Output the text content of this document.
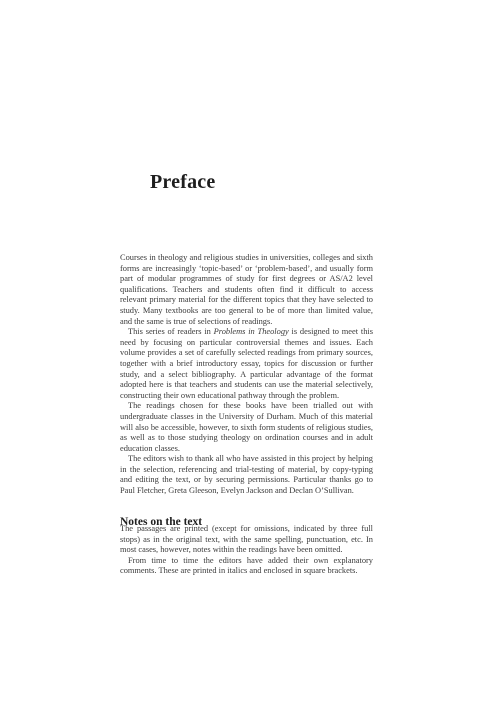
Preface

Courses in theology and religious studies in universities, colleges and sixth forms are increasingly ‘topic-based’ or ‘problem-based’, and usually form part of modular programmes of study for first degrees or AS/A2 level qualifications. Teachers and students often find it difficult to access relevant primary material for the different topics that they have selected to study. Many textbooks are too general to be of more than limited value, and the same is true of selections of readings.

This series of readers in Problems in Theology is designed to meet this need by focusing on particular controversial themes and issues. Each volume provides a set of carefully selected readings from primary sources, together with a brief introductory essay, topics for discussion or further study, and a select bibliography. A particular advantage of the format adopted here is that teachers and students can use the material selectively, constructing their own educational pathway through the problem.

The readings chosen for these books have been trialled out with undergraduate classes in the University of Durham. Much of this material will also be accessible, however, to sixth form students of religious studies, as well as to those studying theology on ordination courses and in adult education classes.

The editors wish to thank all who have assisted in this project by helping in the selection, referencing and trial-testing of material, by copy-typing and editing the text, or by securing permissions. Particular thanks go to Paul Fletcher, Greta Gleeson, Evelyn Jackson and Declan O’Sullivan.

Notes on the text

The passages are printed (except for omissions, indicated by three full stops) as in the original text, with the same spelling, punctuation, etc. In most cases, however, notes within the readings have been omitted.

From time to time the editors have added their own explanatory comments. These are printed in italics and enclosed in square brackets.
